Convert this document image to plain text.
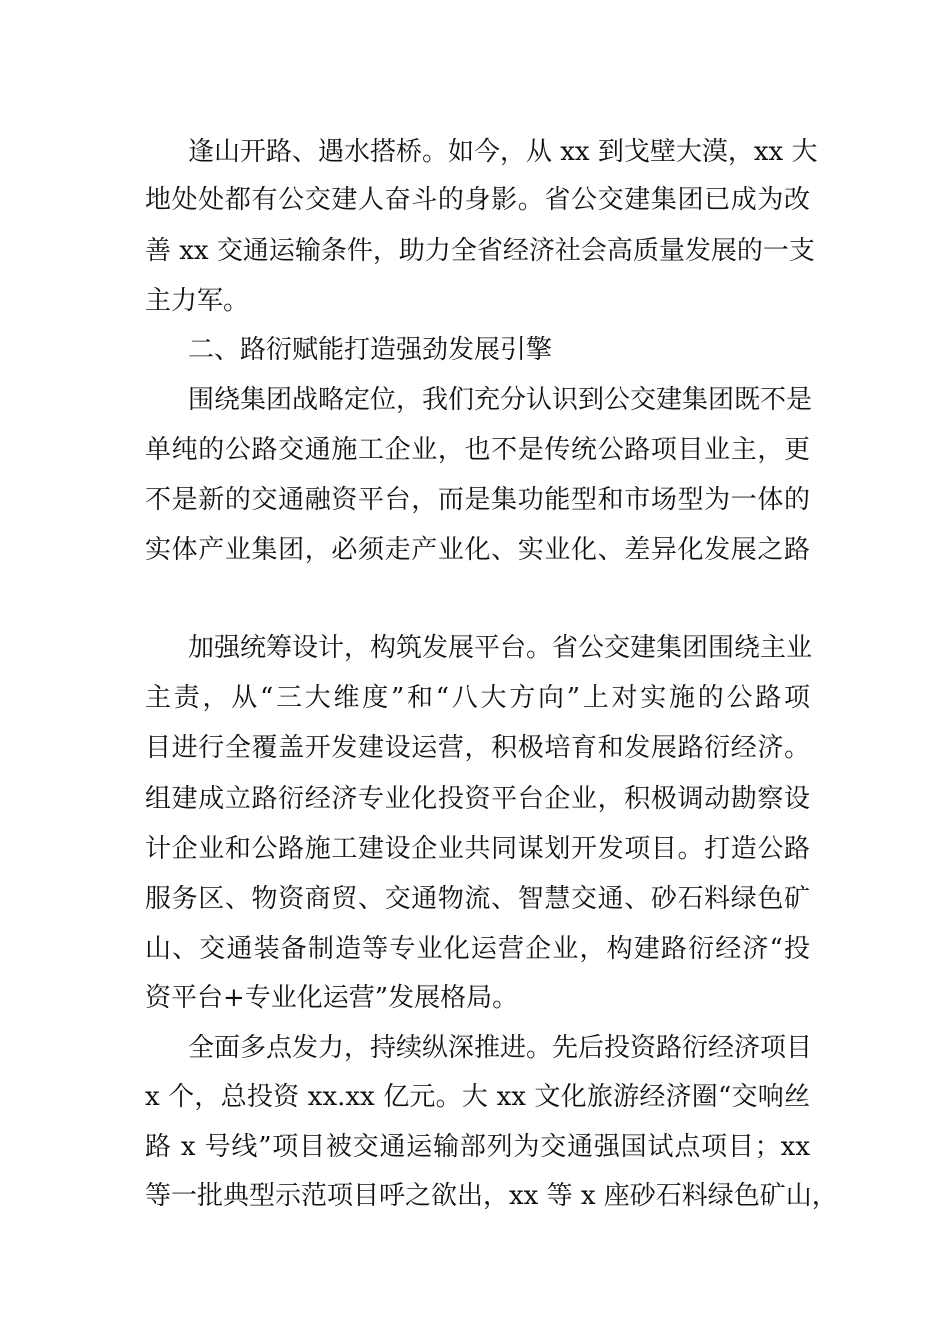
逢山开路、遇水搭桥。如今，从 xx 到戈壁大漠，xx 大
地处处都有公交建人奋斗的身影。省公交建集团已成为改
善 xx 交通运输条件，助力全省经济社会高质量发展的一支
主力军。
二、路衍赋能打造强劲发展引擎
围绕集团战略定位，我们充分认识到公交建集团既不是
单纯的公路交通施工企业，也不是传统公路项目业主，更
不是新的交通融资平台，而是集功能型和市场型为一体的
实体产业集团，必须走产业化、实业化、差异化发展之路
加强统筹设计，构筑发展平台。省公交建集团围绕主业
主责，从“三大维度”和“八大方向”上对实施的公路项
目进行全覆盖开发建设运营，积极培育和发展路衍经济。
组建成立路衍经济专业化投资平台企业，积极调动勘察设
计企业和公路施工建设企业共同谋划开发项目。打造公路
服务区、物资商贸、交通物流、智慧交通、砂石料绿色矿
山、交通装备制造等专业化运营企业，构建路衍经济“投
资平台+专业化运营”发展格局。
全面多点发力，持续纵深推进。先后投资路衍经济项目
x 个，总投资 xx.xx 亿元。大 xx 文化旅游经济圈“交响丝
路 x 号线”项目被交通运输部列为交通强国试点项目；xx
等一批典型示范项目呼之欲出，xx 等 x 座砂石料绿色矿山，
